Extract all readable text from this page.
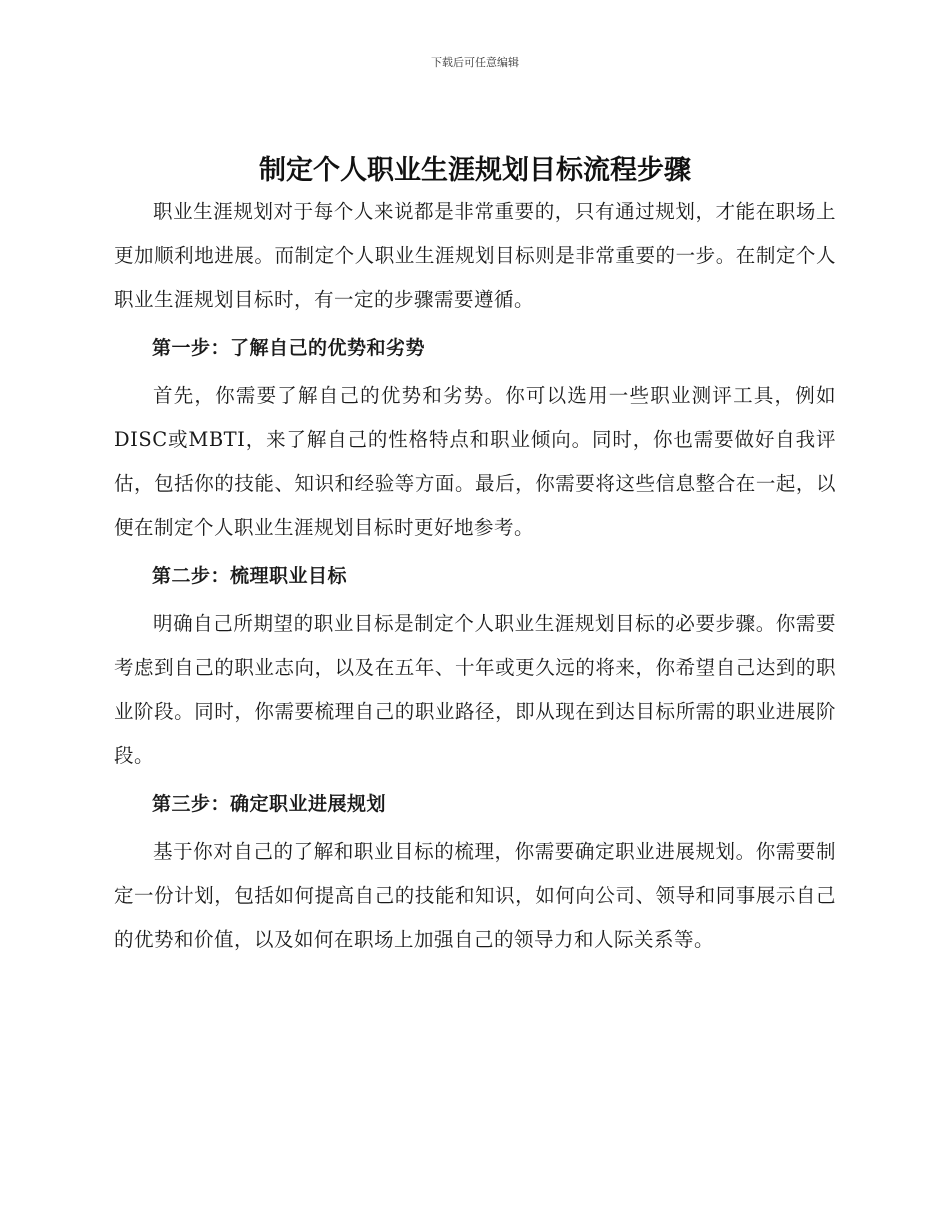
下载后可任意编辑
制定个人职业生涯规划目标流程步骤

职业生涯规划对于每个人来说都是非常重要的，只有通过规划，才能在职场上更加顺利地进展。而制定个人职业生涯规划目标则是非常重要的一步。在制定个人职业生涯规划目标时，有一定的步骤需要遵循。

第一步：了解自己的优势和劣势

首先，你需要了解自己的优势和劣势。你可以选用一些职业测评工具，例如DISC或MBTI，来了解自己的性格特点和职业倾向。同时，你也需要做好自我评估，包括你的技能、知识和经验等方面。最后，你需要将这些信息整合在一起，以便在制定个人职业生涯规划目标时更好地参考。

第二步：梳理职业目标

明确自己所期望的职业目标是制定个人职业生涯规划目标的必要步骤。你需要考虑到自己的职业志向，以及在五年、十年或更久远的将来，你希望自己达到的职业阶段。同时，你需要梳理自己的职业路径，即从现在到达目标所需的职业进展阶段。

第三步：确定职业进展规划

基于你对自己的了解和职业目标的梳理，你需要确定职业进展规划。你需要制定一份计划，包括如何提高自己的技能和知识，如何向公司、领导和同事展示自己的优势和价值，以及如何在职场上加强自己的领导力和人际关系等。
